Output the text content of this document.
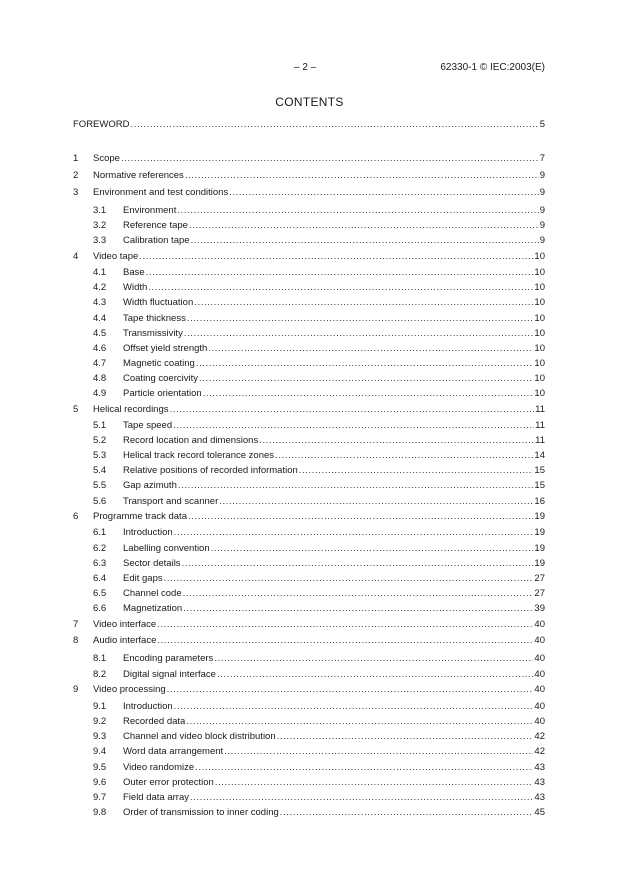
– 2 –	62330-1 © IEC:2003(E)
CONTENTS
FOREWORD .....	5
1	Scope .....	7
2	Normative references .....	9
3	Environment and test conditions .....	9
3.1	Environment .....	9
3.2	Reference tape .....	9
3.3	Calibration tape .....	9
4	Video tape .....	10
4.1	Base .....	10
4.2	Width .....	10
4.3	Width fluctuation .....	10
4.4	Tape thickness .....	10
4.5	Transmissivity .....	10
4.6	Offset yield strength .....	10
4.7	Magnetic coating .....	10
4.8	Coating coercivity .....	10
4.9	Particle orientation .....	10
5	Helical recordings .....	11
5.1	Tape speed .....	11
5.2	Record location and dimensions .....	11
5.3	Helical track record tolerance zones .....	14
5.4	Relative positions of recorded information .....	15
5.5	Gap azimuth .....	15
5.6	Transport and scanner .....	16
6	Programme track data .....	19
6.1	Introduction .....	19
6.2	Labelling convention .....	19
6.3	Sector details .....	19
6.4	Edit gaps .....	27
6.5	Channel code .....	27
6.6	Magnetization .....	39
7	Video interface .....	40
8	Audio interface .....	40
8.1	Encoding parameters .....	40
8.2	Digital signal interface .....	40
9	Video processing .....	40
9.1	Introduction .....	40
9.2	Recorded data .....	40
9.3	Channel and video block distribution .....	42
9.4	Word data arrangement .....	42
9.5	Video randomize .....	43
9.6	Outer error protection .....	43
9.7	Field data array .....	43
9.8	Order of transmission to inner coding .....	45
